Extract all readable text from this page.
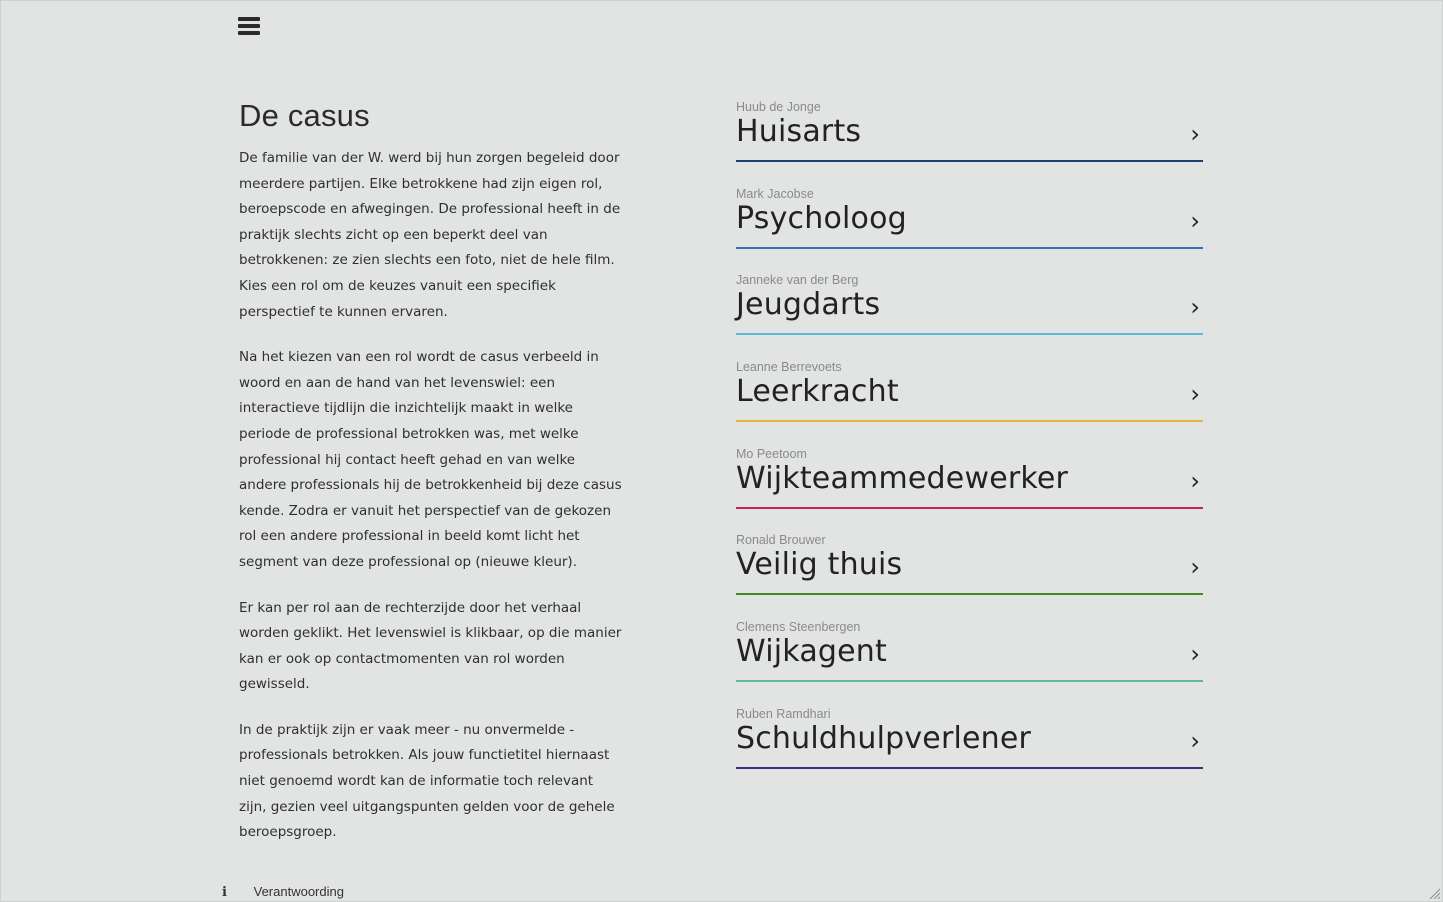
De casus

De familie van der W. werd bij hun zorgen begeleid door meerdere partijen. Elke betrokkene had zijn eigen rol, beroepscode en afwegingen. De professional heeft in de praktijk slechts zicht op een beperkt deel van betrokkenen: ze zien slechts een foto, niet de hele film. Kies een rol om de keuzes vanuit een specifiek perspectief te kunnen ervaren.

Na het kiezen van een rol wordt de casus verbeeld in woord en aan de hand van het levenswiel: een interactieve tijdlijn die inzichtelijk maakt in welke periode de professional betrokken was, met welke professional hij contact heeft gehad en van welke andere professionals hij de betrokkenheid bij deze casus kende. Zodra er vanuit het perspectief van de gekozen rol een andere professional in beeld komt licht het segment van deze professional op (nieuwe kleur).

Er kan per rol aan de rechterzijde door het verhaal worden geklikt. Het levenswiel is klikbaar, op die manier kan er ook op contactmomenten van rol worden gewisseld.

In de praktijk zijn er vaak meer - nu onvermelde - professionals betrokken. Als jouw functietitel hiernaast niet genoemd wordt kan de informatie toch relevant zijn, gezien veel uitgangspunten gelden voor de gehele beroepsgroep.

Huub de Jonge
Huisarts	›
Mark Jacobse
Psycholoog	›
Janneke van der Berg
Jeugdarts	›
Leanne Berrevoets
Leerkracht	›
Mo Peetoom
Wijkteammedewerker	›
Ronald Brouwer
Veilig thuis	›
Clemens Steenbergen
Wijkagent	›
Ruben Ramdhari
Schuldhulpverlener	›
i Verantwoording
